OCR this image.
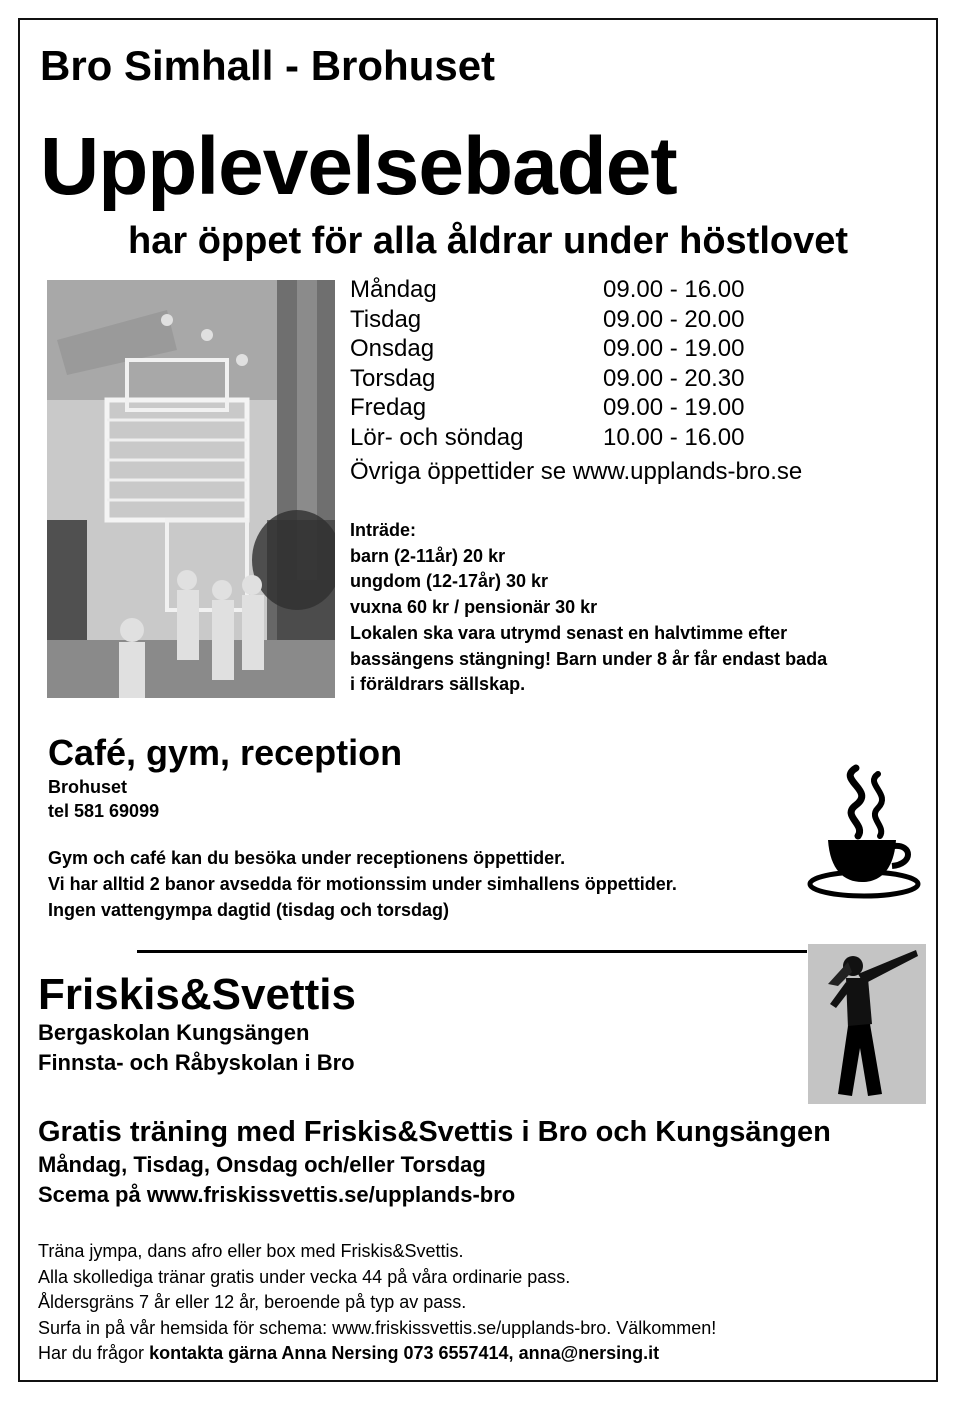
Bro Simhall - Brohuset
Upplevelsebadet
har öppet för alla åldrar under höstlovet
Måndag	09.00 - 16.00
Tisdag	09.00 - 20.00
Onsdag	09.00 - 19.00
Torsdag	09.00 - 20.30
Fredag	09.00 - 19.00
Lör- och söndag	10.00 - 16.00

Övriga öppettider se www.upplands-bro.se

Inträde:

barn (2-11år) 20 kr

ungdom (12-17år) 30 kr

vuxna 60 kr / pensionär 30 kr

Lokalen ska vara utrymd senast en halvtimme efter

bassängens stängning! Barn under 8 år får endast bada

i föräldrars sällskap.

Café, gym, reception
Brohuset
tel 581 69099
Gym och café kan du besöka under receptionens öppettider.
Vi har alltid 2 banor avsedda för motionssim under simhallens öppettider.
Ingen vattengympa dagtid (tisdag och torsdag)
Friskis&Svettis
Bergaskolan Kungsängen
Finnsta- och Råbyskolan i Bro
Gratis träning med Friskis&Svettis i Bro och Kungsängen
Måndag, Tisdag, Onsdag och/eller Torsdag
Scema på www.friskissvettis.se/upplands-bro

Träna jympa, dans afro eller box med Friskis&Svettis.

Alla skollediga tränar gratis under vecka 44 på våra ordinarie pass.

Åldersgräns 7 år eller 12 år, beroende på typ av pass.

Surfa in på vår hemsida för schema: www.friskissvettis.se/upplands-bro. Välkommen!

Har du frågor kontakta gärna Anna Nersing 073 6557414, anna@nersing.it
